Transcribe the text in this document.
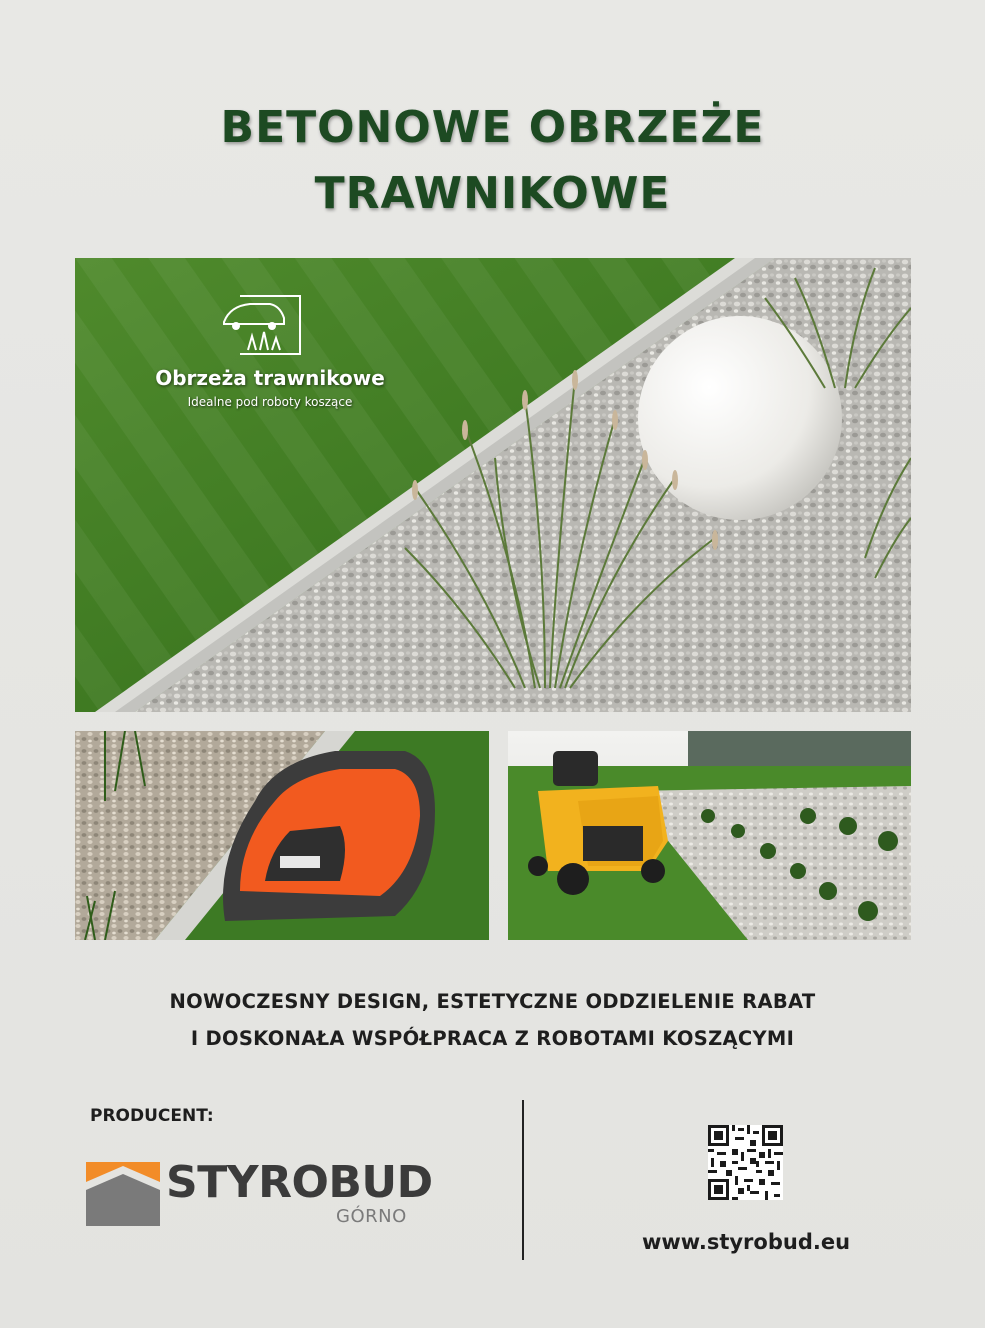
BETONOWE OBRZEŻE
TRAWNIKOWE
Obrzeża trawnikowe
Idealne pod roboty koszące
NOWOCZESNY DESIGN, ESTETYCZNE ODDZIELENIE RABAT
I DOSKONAŁA WSPÓŁPRACA Z ROBOTAMI KOSZĄCYMI
PRODUCENT:
STYROBUD
GÓRNO
www.styrobud.eu
